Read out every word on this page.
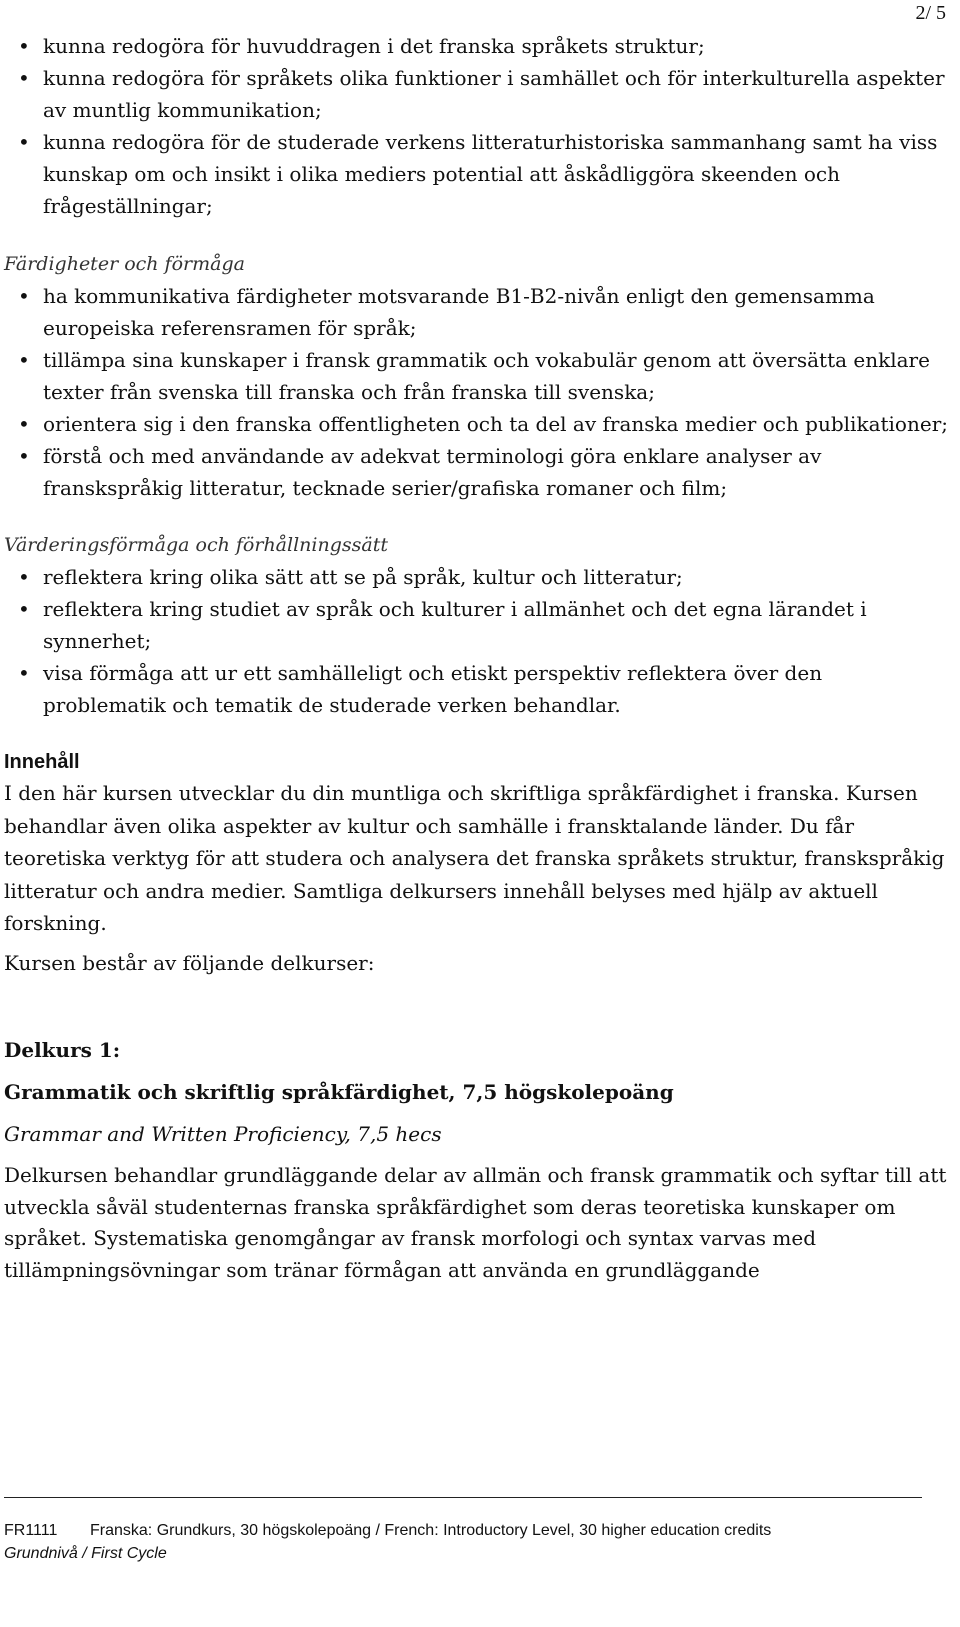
2/ 5
• kunna redogöra för huvuddragen i det franska språkets struktur;
• kunna redogöra för språkets olika funktioner i samhället och för interkulturella aspekter av muntlig kommunikation;
• kunna redogöra för de studerade verkens litteraturhistoriska sammanhang samt ha viss kunskap om och insikt i olika mediers potential att åskådliggöra skeenden och frågeställningar;
Färdigheter och förmåga
• ha kommunikativa färdigheter motsvarande B1-B2-nivån enligt den gemensamma europeiska referensramen för språk;
• tillämpa sina kunskaper i fransk grammatik och vokabulär genom att översätta enklare texter från svenska till franska och från franska till svenska;
• orientera sig i den franska offentligheten och ta del av franska medier och publikationer;
• förstå och med användande av adekvat terminologi göra enklare analyser av franskspråkig litteratur, tecknade serier/grafiska romaner och film;
Värderingsförmåga och förhållningssätt
• reflektera kring olika sätt att se på språk, kultur och litteratur;
• reflektera kring studiet av språk och kulturer i allmänhet och det egna lärandet i synnerhet;
• visa förmåga att ur ett samhälleligt och etiskt perspektiv reflektera över den problematik och tematik de studerade verken behandlar.
Innehåll

I den här kursen utvecklar du din muntliga och skriftliga språkfärdighet i franska. Kursen behandlar även olika aspekter av kultur och samhälle i fransktalande länder. Du får teoretiska verktyg för att studera och analysera det franska språkets struktur, franskspråkig litteratur och andra medier. Samtliga delkursers innehåll belyses med hjälp av aktuell forskning.

Kursen består av följande delkurser:

Delkurs 1:
Grammatik och skriftlig språkfärdighet, 7,5 högskolepoäng
Grammar and Written Proficiency, 7,5 hecs

Delkursen behandlar grundläggande delar av allmän och fransk grammatik och syftar till att utveckla såväl studenternas franska språkfärdighet som deras teoretiska kunskaper om språket. Systematiska genomgångar av fransk morfologi och syntax varvas med tillämpningsövningar som tränar förmågan att använda en grundläggande

FR1111 Franska: Grundkurs, 30 högskolepoäng / French: Introductory Level, 30 higher education credits
Grundnivå / First Cycle
